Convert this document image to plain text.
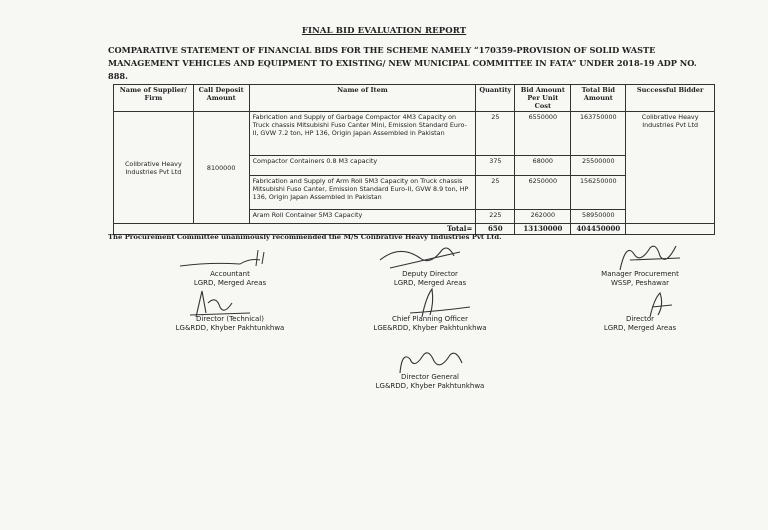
FINAL BID EVALUATION REPORT
COMPARATIVE STATEMENT OF FINANCIAL BIDS FOR THE SCHEME NAMELY “170359-PROVISION OF SOLID WASTE MANAGEMENT VEHICLES AND EQUIPMENT TO EXISTING/ NEW MUNICIPAL COMMITTEE IN FATA” UNDER 2018-19 ADP NO. 888.
Name of Supplier/ Firm	Call Deposit Amount	Name of Item	Quantity	Bid Amount Per Unit Cost	Total Bid Amount	Successful Bidder
Colibrative Heavy Industries Pvt Ltd	8100000	Fabrication and Supply of Garbage Compactor 4M3 Capacity on Truck chassis Mitsubishi Fuso Canter Mini, Emission Standard Euro-II, GVW 7.2 ton, HP 136, Origin Japan Assembled in Pakistan	25	6550000	163750000	Colibrative Heavy Industries Pvt Ltd
		Compactor Containers 0.8 M3 capacity	375	68000	25500000	
		Fabrication and Supply of Arm Roll 5M3 Capacity on Truck chassis Mitsubishi Fuso Canter, Emission Standard Euro-II, GVW 8.9 ton, HP 136, Origin Japan Assembled in Pakistan	25	6250000	156250000	
		Aram Roll Container 5M3 Capacity	225	262000	58950000	
Total=			650	13130000	404450000	
The Procurement Committee unanimously recommended the M/S Colibrative Heavy Industries Pvt Ltd.
Accountant
LGRD, Merged Areas
Deputy Director
LGRD, Merged Areas
Manager Procurement
WSSP, Peshawar
Director (Technical)
LG&RDD, Khyber Pakhtunkhwa
Chief Planning Officer
LGE&RDD, Khyber Pakhtunkhwa
Director
LGRD, Merged Areas
Director General
LG&RDD, Khyber Pakhtunkhwa
